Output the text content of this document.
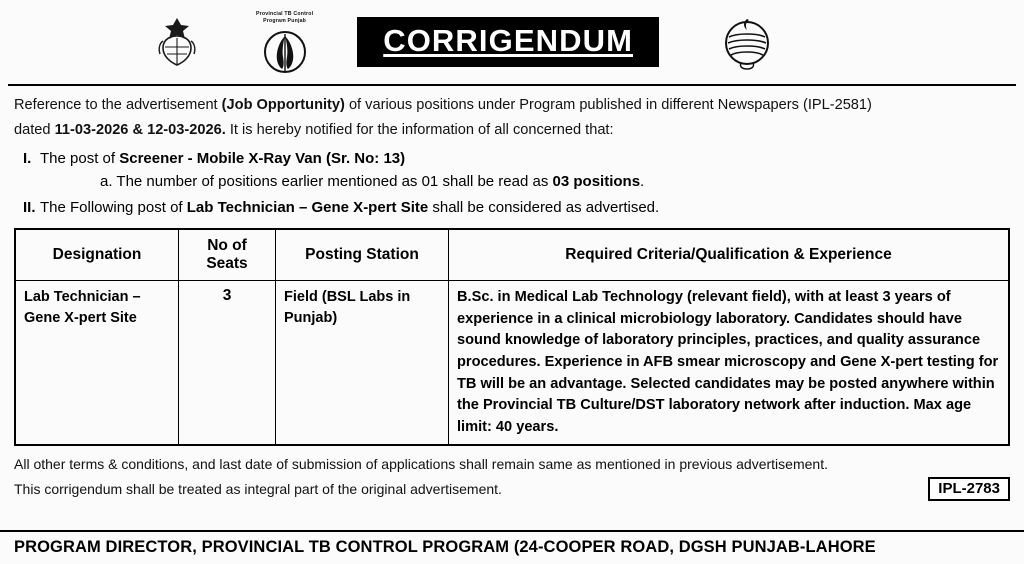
Provincial TB Control
Program Punjab
CORRIGENDUM

Reference to the advertisement (Job Opportunity) of various positions under Program published in different Newspapers (IPL-2581)

dated 11-03-2026 & 12-03-2026. It is hereby notified for the information of all concerned that:

I. The post of Screener - Mobile X-Ray Van (Sr. No: 13)
a. The number of positions earlier mentioned as 01 shall be read as 03 positions.
II. The Following post of Lab Technician – Gene X-pert Site shall be considered as advertised.
Designation	No of Seats	Posting Station	Required Criteria/Qualification & Experience
Lab Technician – Gene X-pert Site	3	Field (BSL Labs in Punjab)	B.Sc. in Medical Lab Technology (relevant field), with at least 3 years of experience in a clinical microbiology laboratory. Candidates should have sound knowledge of laboratory principles, practices, and quality assurance procedures. Experience in AFB smear microscopy and Gene X-pert testing for TB will be an advantage. Selected candidates may be posted anywhere within the Provincial TB Culture/DST laboratory network after induction. Max age limit: 40 years.

All other terms & conditions, and last date of submission of applications shall remain same as mentioned in previous advertisement.

This corrigendum shall be treated as integral part of the original advertisement.	IPL-2783
PROGRAM DIRECTOR, PROVINCIAL TB CONTROL PROGRAM (24-COOPER ROAD, DGSH PUNJAB-LAHORE
